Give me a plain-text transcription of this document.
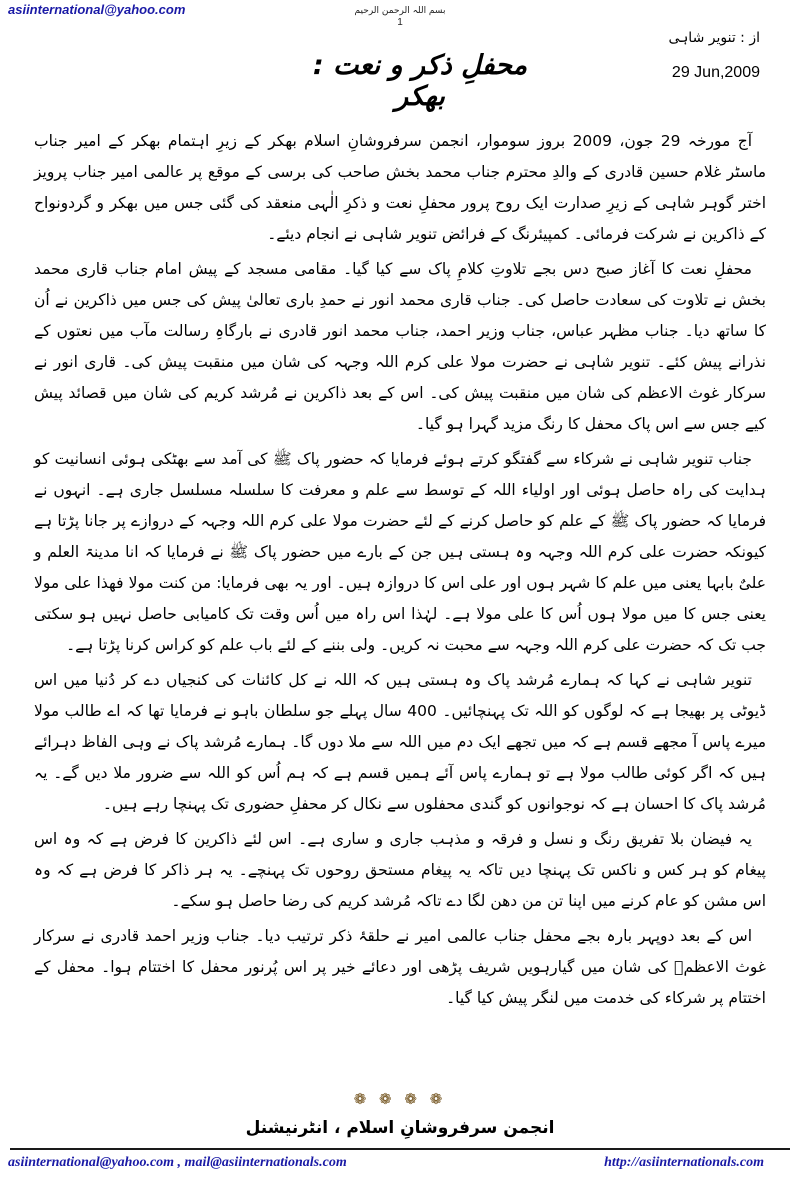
asiinternational@yahoo.com	بسم اللہ الرحمن الرحیم
1
از : تنویر شاہی
محفلِ ذکر و نعت : بھکر
29 Jun,2009

آج مورخہ 29 جون، 2009 بروز سوموار، انجمن سرفروشانِ اسلام بھکر کے زیرِ اہتمام بھکر کے امیر جناب ماسٹر غلام حسین قادری کے والدِ محترم جناب محمد بخش صاحب کی برسی کے موقع پر عالمی امیر جناب پرویز اختر گوہر شاہی کے زیرِ صدارت ایک روح پرور محفلِ نعت و ذکرِ الٰہی منعقد کی گئی جس میں بھکر و گردونواح کے ذاکرین نے شرکت فرمائی۔ کمپیئرنگ کے فرائض تنویر شاہی نے انجام دیئے۔

محفلِ نعت کا آغاز صبح دس بجے تلاوتِ کلامِ پاک سے کیا گیا۔ مقامی مسجد کے پیش امام جناب قاری محمد بخش نے تلاوت کی سعادت حاصل کی۔ جناب قاری محمد انور نے حمدِ باری تعالیٰ پیش کی جس میں ذاکرین نے اُن کا ساتھ دیا۔ جناب مظہر عباس، جناب وزیر احمد، جناب محمد انور قادری نے بارگاہِ رسالت مآب میں نعتوں کے نذرانے پیش کئے۔ تنویر شاہی نے حضرت مولا علی کرم اللہ وجہہ کی شان میں منقبت پیش کی۔ قاری انور نے سرکار غوث الاعظم کی شان میں منقبت پیش کی۔ اس کے بعد ذاکرین نے مُرشد کریم کی شان میں قصائد پیش کیے جس سے اس پاک محفل کا رنگ مزید گہرا ہو گیا۔

جناب تنویر شاہی نے شرکاء سے گفتگو کرتے ہوئے فرمایا کہ حضور پاک ﷺ کی آمد سے بھٹکی ہوئی انسانیت کو ہدایت کی راہ حاصل ہوئی اور اولیاء اللہ کے توسط سے علم و معرفت کا سلسلہ مسلسل جاری ہے۔ انہوں نے فرمایا کہ حضور پاک ﷺ کے علم کو حاصل کرنے کے لئے حضرت مولا علی کرم اللہ وجہہ کے دروازے پر جانا پڑتا ہے کیونکہ حضرت علی کرم اللہ وجہہ وہ ہستی ہیں جن کے بارے میں حضور پاک ﷺ نے فرمایا کہ انا مدینۃ العلم و علیٌ بابہا یعنی میں علم کا شہر ہوں اور علی اس کا دروازہ ہیں۔ اور یہ بھی فرمایا: من کنت مولا فھذا علی مولا یعنی جس کا میں مولا ہوں اُس کا علی مولا ہے۔ لہٰذا اس راہ میں اُس وقت تک کامیابی حاصل نہیں ہو سکتی جب تک کہ حضرت علی کرم اللہ وجہہ سے محبت نہ کریں۔ ولی بننے کے لئے باب علم کو کراس کرنا پڑتا ہے۔

تنویر شاہی نے کہا کہ ہمارے مُرشد پاک وہ ہستی ہیں کہ اللہ نے کل کائنات کی کنجیاں دے کر دُنیا میں اس ڈیوٹی پر بھیجا ہے کہ لوگوں کو اللہ تک پہنچائیں۔ 400 سال پہلے جو سلطان باہو نے فرمایا تھا کہ اے طالب مولا میرے پاس آ مجھے قسم ہے کہ میں تجھے ایک دم میں اللہ سے ملا دوں گا۔ ہمارے مُرشد پاک نے وہی الفاظ دہرائے ہیں کہ اگر کوئی طالب مولا ہے تو ہمارے پاس آئے ہمیں قسم ہے کہ ہم اُس کو اللہ سے ضرور ملا دیں گے۔ یہ مُرشد پاک کا احسان ہے کہ نوجوانوں کو گندی محفلوں سے نکال کر محفلِ حضوری تک پہنچا رہے ہیں۔

یہ فیضان بلا تفریق رنگ و نسل و فرقہ و مذہب جاری و ساری ہے۔ اس لئے ذاکرین کا فرض ہے کہ وہ اس پیغام کو ہر کس و ناکس تک پہنچا دیں تاکہ یہ پیغام مستحق روحوں تک پہنچے۔ یہ ہر ذاکر کا فرض ہے کہ وہ اس مشن کو عام کرنے میں اپنا تن من دھن لگا دے تاکہ مُرشد کریم کی رضا حاصل ہو سکے۔

اس کے بعد دوپہر بارہ بجے محفل جناب عالمی امیر نے حلقۂ ذکر ترتیب دیا۔ جناب وزیر احمد قادری نے سرکار غوث الاعظمؓ کی شان میں گیارہویں شریف پڑھی اور دعائے خیر پر اس پُرنور محفل کا اختتام ہوا۔ محفل کے اختتام پر شرکاء کی خدمت میں لنگر پیش کیا گیا۔

❁ ❁ ❁ ❁
انجمن سرفروشانِ اسلام ، انٹرنیشنل
asiinternational@yahoo.com , mail@asiinternationals.com	http://asiinternationals.com
